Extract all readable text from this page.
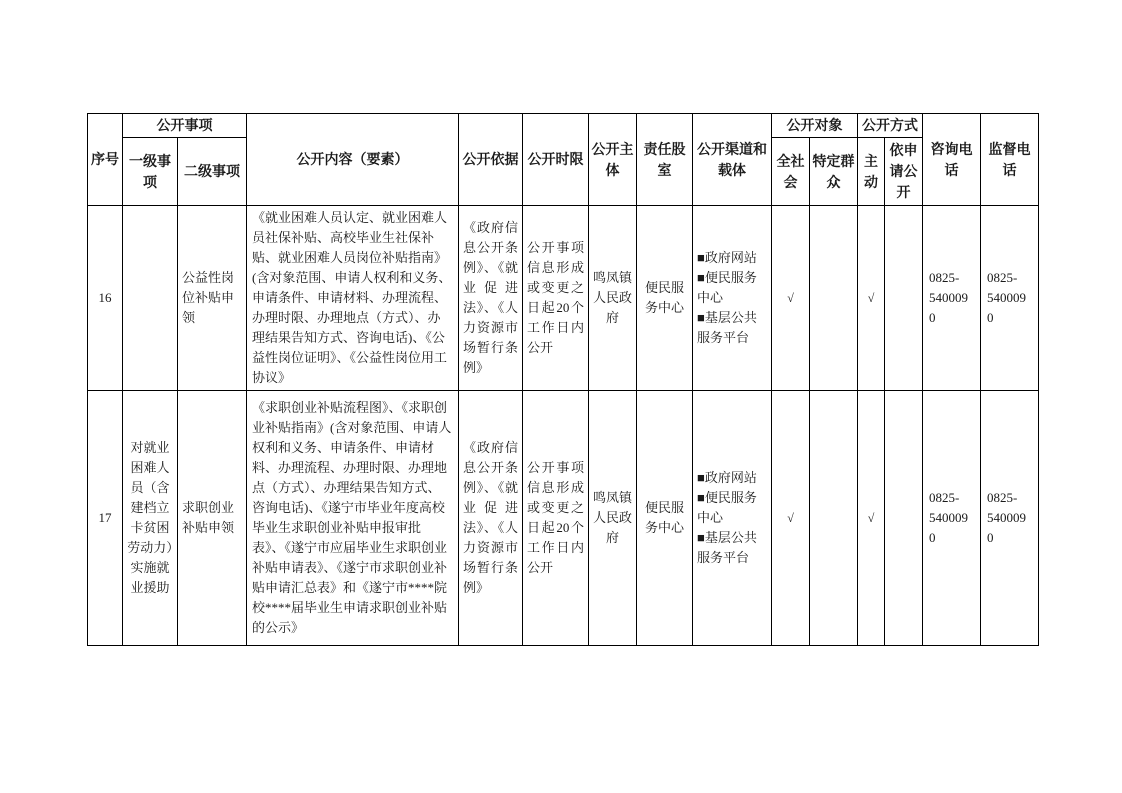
序号	公开事项		公开内容（要素）	公开依据	公开时限	公开主体	责任股室	公开渠道和载体	公开对象		公开方式		咨询电话	监督电话
	一级事项	二级事项							全社会	特定群众	主动	依申请公开		
16		公益性岗位补贴申领	《就业困难人员认定、就业困难人员社保补贴、高校毕业生社保补贴、就业困难人员岗位补贴指南》(含对象范围、申请人权利和义务、申请条件、申请材料、办理流程、办理时限、办理地点（方式）、办理结果告知方式、咨询电话)、《公益性岗位证明》、《公益性岗位用工协议》	《政府信息公开条例》、《就业促进法》、《人力资源市场暂行条例》	公开事项信息形成或变更之日起20个工作日内公开	鸣凤镇人民政府	便民服务中心	■政府网站
■便民服务中心
■基层公共服务平台	√		√		0825-5400090	0825-5400090
17	对就业困难人员（含建档立卡贫困劳动力）实施就业援助	求职创业补贴申领	《求职创业补贴流程图》、《求职创业补贴指南》(含对象范围、申请人权利和义务、申请条件、申请材料、办理流程、办理时限、办理地点（方式）、办理结果告知方式、咨询电话)、《遂宁市毕业年度高校毕业生求职创业补贴申报审批表》、《遂宁市应届毕业生求职创业补贴申请表》、《遂宁市求职创业补贴申请汇总表》和《遂宁市****院校****届毕业生申请求职创业补贴的公示》	《政府信息公开条例》、《就业促进法》、《人力资源市场暂行条例》	公开事项信息形成或变更之日起20个工作日内公开	鸣凤镇人民政府	便民服务中心	■政府网站
■便民服务中心
■基层公共服务平台	√		√		0825-5400090	0825-5400090
